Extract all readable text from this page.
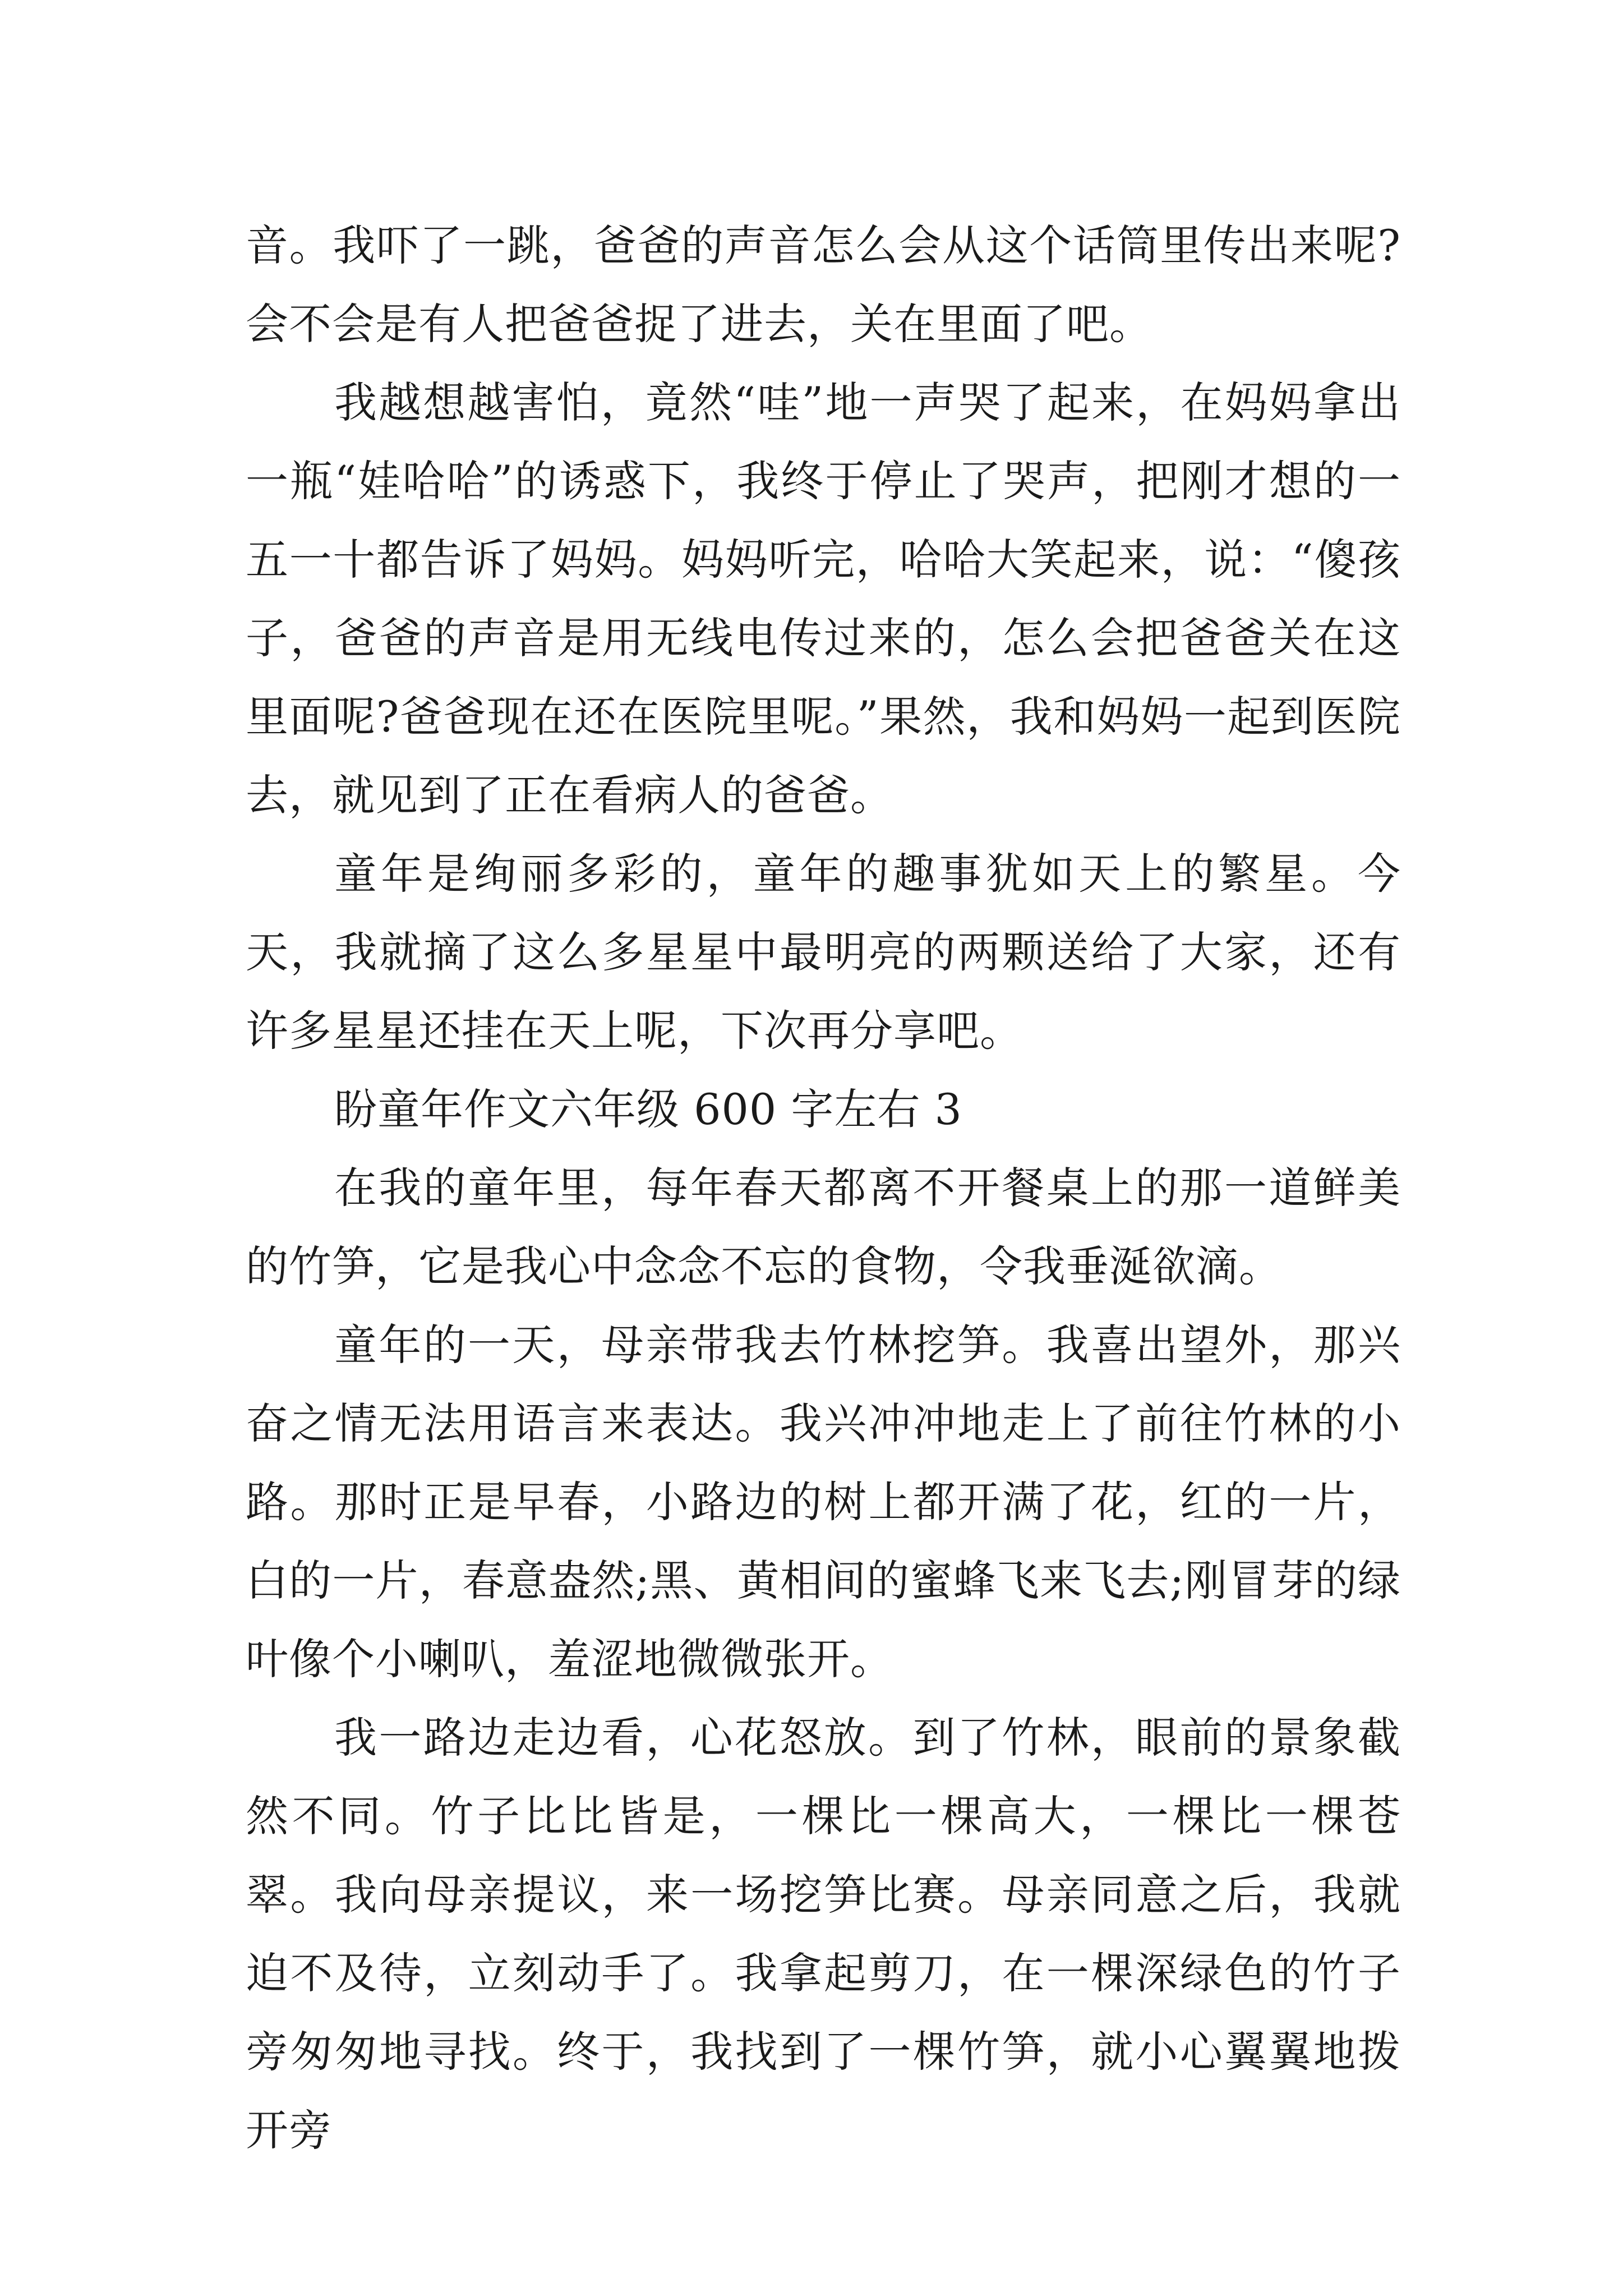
音。我吓了一跳，爸爸的声音怎么会从这个话筒里传出来呢?会不会是有人把爸爸捉了进去，关在里面了吧。

我越想越害怕，竟然“哇”地一声哭了起来，在妈妈拿出一瓶“娃哈哈”的诱惑下，我终于停止了哭声，把刚才想的一五一十都告诉了妈妈。妈妈听完，哈哈大笑起来，说：“傻孩子，爸爸的声音是用无线电传过来的，怎么会把爸爸关在这里面呢?爸爸现在还在医院里呢。”果然，我和妈妈一起到医院去，就见到了正在看病人的爸爸。

童年是绚丽多彩的，童年的趣事犹如天上的繁星。今天，我就摘了这么多星星中最明亮的两颗送给了大家，还有许多星星还挂在天上呢，下次再分享吧。

盼童年作文六年级 600 字左右 3

在我的童年里，每年春天都离不开餐桌上的那一道鲜美的竹笋，它是我心中念念不忘的食物，令我垂涎欲滴。

童年的一天，母亲带我去竹林挖笋。我喜出望外，那兴奋之情无法用语言来表达。我兴冲冲地走上了前往竹林的小路。那时正是早春，小路边的树上都开满了花，红的一片，白的一片，春意盎然;黑、黄相间的蜜蜂飞来飞去;刚冒芽的绿叶像个小喇叭，羞涩地微微张开。

我一路边走边看，心花怒放。到了竹林，眼前的景象截然不同。竹子比比皆是，一棵比一棵高大，一棵比一棵苍翠。我向母亲提议，来一场挖笋比赛。母亲同意之后，我就迫不及待，立刻动手了。我拿起剪刀，在一棵深绿色的竹子旁匆匆地寻找。终于，我找到了一棵竹笋，就小心翼翼地拨开旁
